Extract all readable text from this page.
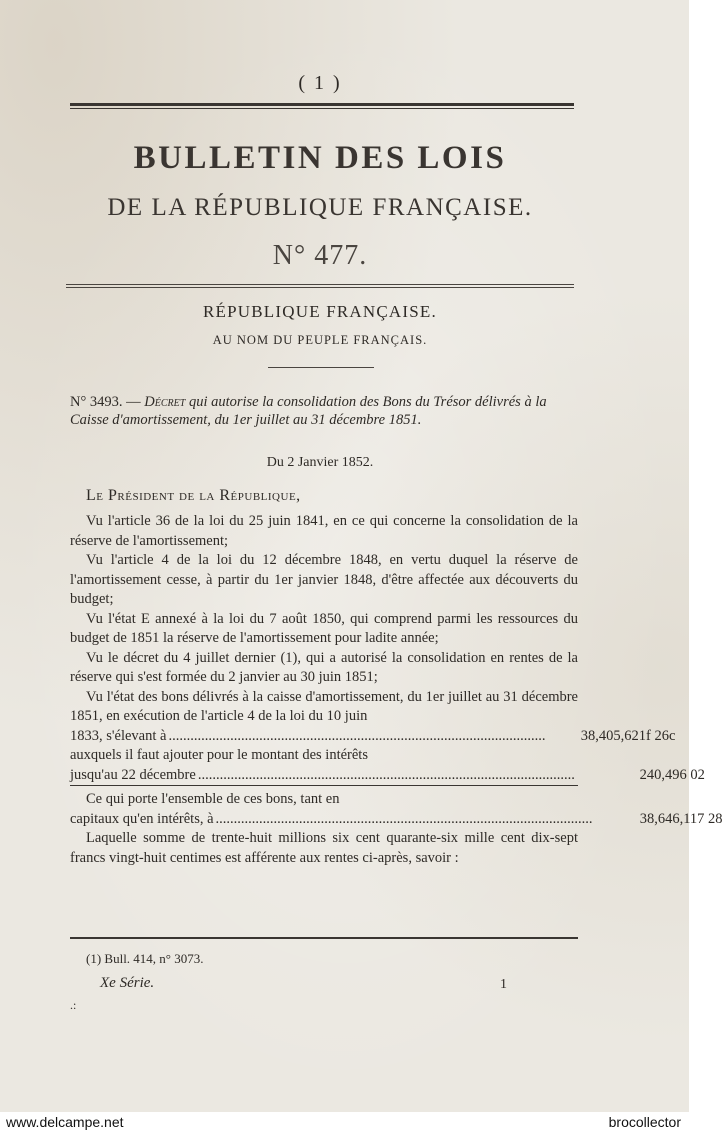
( 1 )
BULLETIN DES LOIS
DE LA RÉPUBLIQUE FRANÇAISE.
N° 477.
RÉPUBLIQUE FRANÇAISE.
AU NOM DU PEUPLE FRANÇAIS.
N° 3493. — Décret qui autorise la consolidation des Bons du Trésor délivrés à la Caisse d'amortissement, du 1er juillet au 31 décembre 1851.
Du 2 Janvier 1852.
Le Président de la République,

Vu l'article 36 de la loi du 25 juin 1841, en ce qui concerne la consolidation de la réserve de l'amortissement;

Vu l'article 4 de la loi du 12 décembre 1848, en vertu duquel la réserve de l'amortissement cesse, à partir du 1er janvier 1848, d'être affectée aux découverts du budget;

Vu l'état E annexé à la loi du 7 août 1850, qui comprend parmi les ressources du budget de 1851 la réserve de l'amortissement pour ladite année;

Vu le décret du 4 juillet dernier (1), qui a autorisé la consolidation en rentes de la réserve qui s'est formée du 2 janvier au 30 juin 1851;

Vu l'état des bons délivrés à la caisse d'amortissement, du 1er juillet au 31 décembre 1851, en exécution de l'article 4 de la loi du 10 juin

1833, s'élevant à ........................................................................................................	38,405,621f 26c
auxquels il faut ajouter pour le montant des intérêts
jusqu'au 22 décembre ........................................................................................................	240,496 02

Ce qui porte l'ensemble de ces bons, tant en

capitaux qu'en intérêts, à ........................................................................................................	38,646,117 28

Laquelle somme de trente-huit millions six cent quarante-six mille cent dix-sept francs vingt-huit centimes est afférente aux rentes ci-après, savoir :

(1) Bull. 414, n° 3073.
Xe Série.	1
.:
www.delcampe.net	brocollector
